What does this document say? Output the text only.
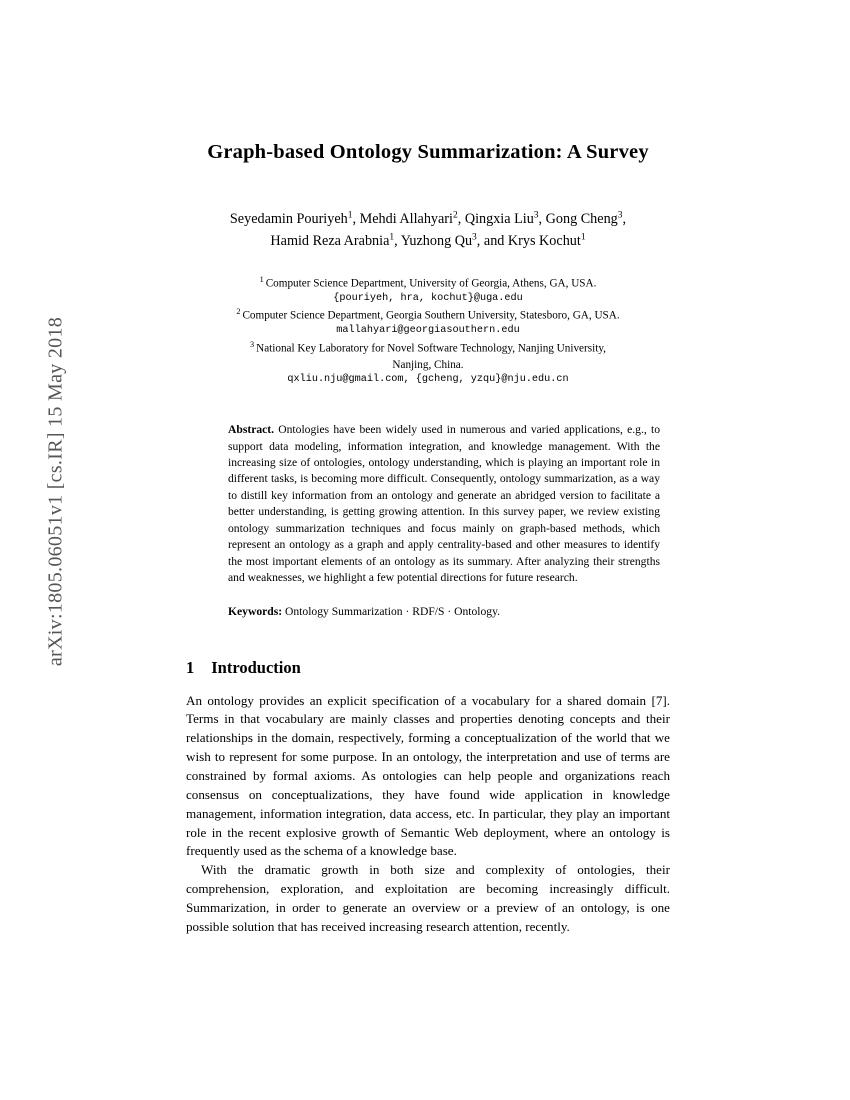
arXiv:1805.06051v1 [cs.IR] 15 May 2018
Graph-based Ontology Summarization: A Survey
Seyedamin Pouriyeh$^1$, Mehdi Allahyari$^2$, Qingxia Liu$^3$, Gong Cheng$^3$,
Hamid Reza Arabnia$^1$, Yuzhong Qu$^3$, and Krys Kochut$^1$
$^1$ Computer Science Department, University of Georgia, Athens, GA, USA.
{pouriyeh, hra, kochut}@uga.edu
$^2$ Computer Science Department, Georgia Southern University, Statesboro, GA, USA.
mallahyari@georgiasouthern.edu
$^3$ National Key Laboratory for Novel Software Technology, Nanjing University,
Nanjing, China.
qxliu.nju@gmail.com, {gcheng, yzqu}@nju.edu.cn
Abstract. Ontologies have been widely used in numerous and varied applications, e.g., to support data modeling, information integration, and knowledge management. With the increasing size of ontologies, ontology understanding, which is playing an important role in different tasks, is becoming more difficult. Consequently, ontology summarization, as a way to distill key information from an ontology and generate an abridged version to facilitate a better understanding, is getting growing attention. In this survey paper, we review existing ontology summarization techniques and focus mainly on graph-based methods, which represent an ontology as a graph and apply centrality-based and other measures to identify the most important elements of an ontology as its summary. After analyzing their strengths and weaknesses, we highlight a few potential directions for future research.
Keywords: Ontology Summarization · RDF/S · Ontology.
1 Introduction

An ontology provides an explicit specification of a vocabulary for a shared domain [7]. Terms in that vocabulary are mainly classes and properties denoting concepts and their relationships in the domain, respectively, forming a conceptualization of the world that we wish to represent for some purpose. In an ontology, the interpretation and use of terms are constrained by formal axioms. As ontologies can help people and organizations reach consensus on conceptualizations, they have found wide application in knowledge management, information integration, data access, etc. In particular, they play an important role in the recent explosive growth of Semantic Web deployment, where an ontology is frequently used as the schema of a knowledge base.

With the dramatic growth in both size and complexity of ontologies, their comprehension, exploration, and exploitation are becoming increasingly difficult. Summarization, in order to generate an overview or a preview of an ontology, is one possible solution that has received increasing research attention, recently.
